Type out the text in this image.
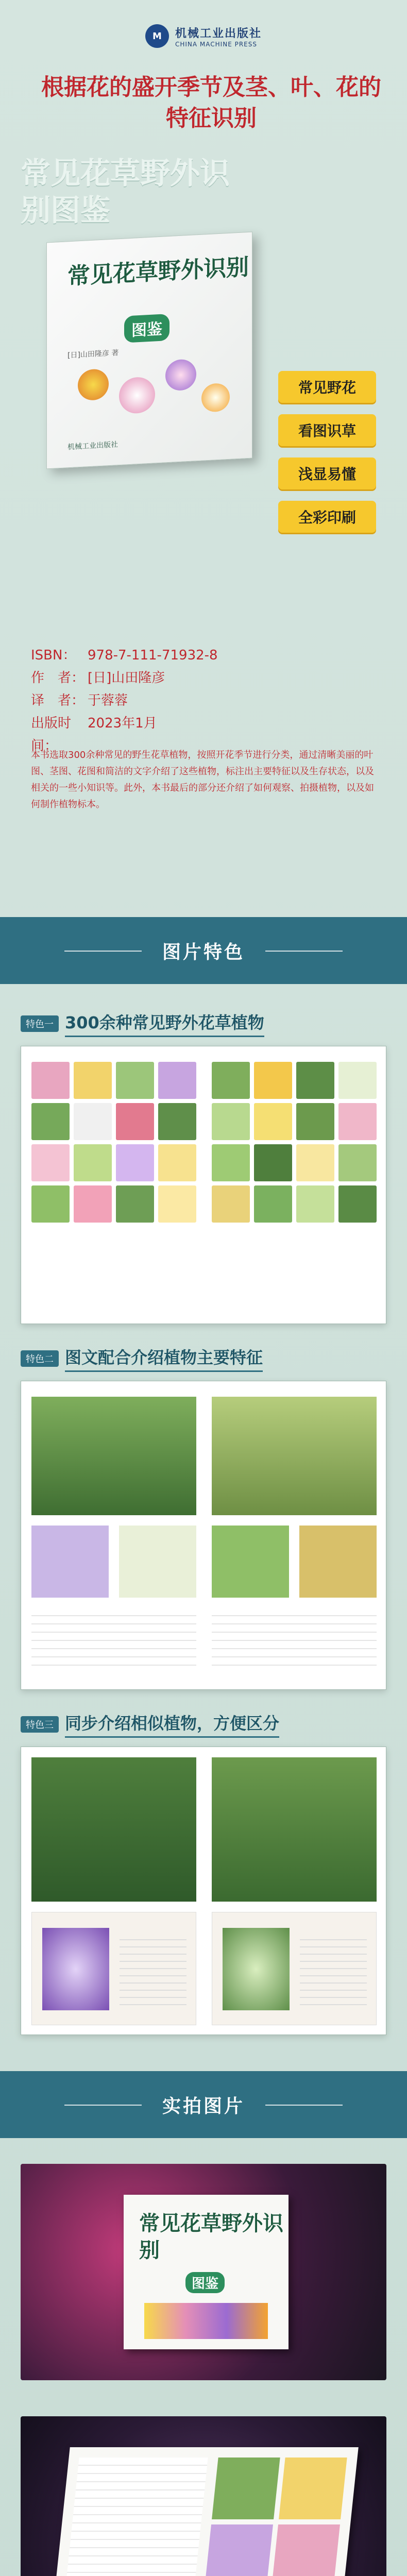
M	机械工业出版社
CHINA MACHINE PRESS
根据花的盛开季节及茎、叶、花的特征识别
常见花草野外识别图鉴
常见花草野外识别
图鉴
[日]山田隆彦 著
机械工业出版社
常见野花
看图识草
浅显易懂
全彩印刷
ISBN： 978-7-111-71932-8
作　者： [日]山田隆彦
译　者： 于蓉蓉
出版时间：
2023年1月
本书选取300余种常见的野生花草植物，按照开花季节进行分类，通过清晰美丽的叶图、茎图、花图和简洁的文字介绍了这些植物，标注出主要特征以及生存状态，以及相关的一些小知识等。此外，本书最后的部分还介绍了如何观察、拍摄植物，以及如何制作植物标本。
图片特色
特色一 300余种常见野外花草植物
特色二 图文配合介绍植物主要特征
特色三 同步介绍相似植物，方便区分
实拍图片
常见花草野外识别
图鉴
